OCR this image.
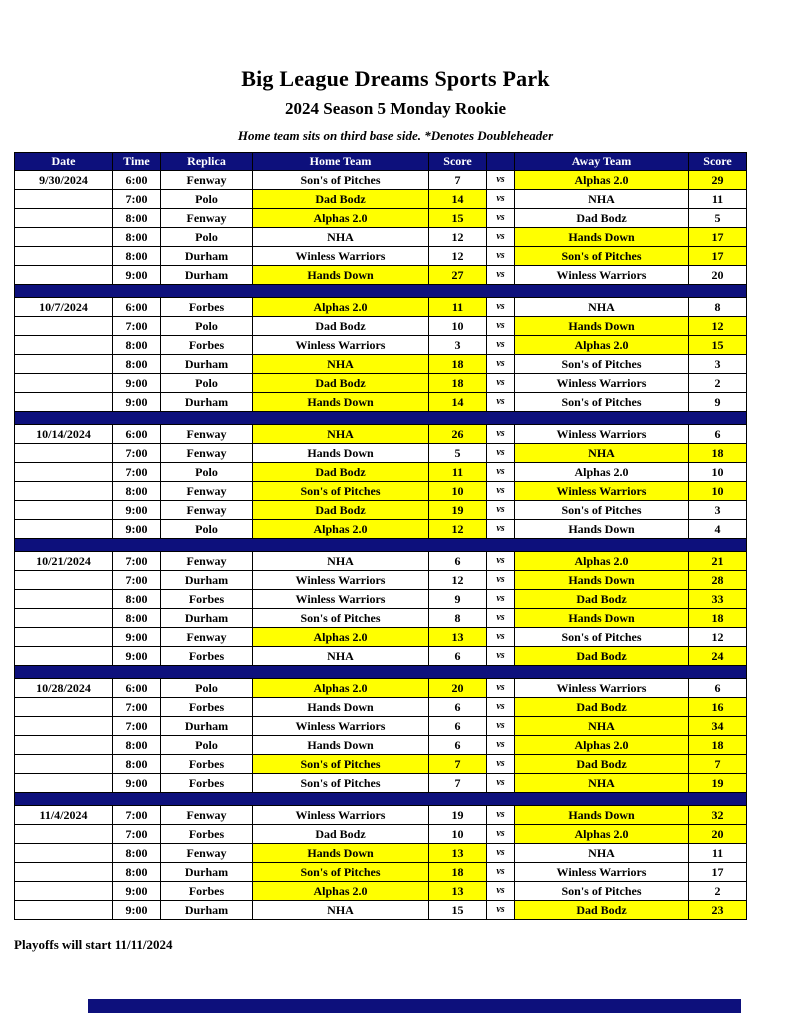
Big League Dreams Sports Park
2024 Season 5 Monday Rookie
Home team sits on third base side. *Denotes Doubleheader
Date	Time	Replica	Home Team	Score		Away Team	Score
9/30/2024	6:00	Fenway	Son's of Pitches	7	vs	Alphas 2.0	29
	7:00	Polo	Dad Bodz	14	vs	NHA	11
	8:00	Fenway	Alphas 2.0	15	vs	Dad Bodz	5
	8:00	Polo	NHA	12	vs	Hands Down	17
	8:00	Durham	Winless Warriors	12	vs	Son's of Pitches	17
	9:00	Durham	Hands Down	27	vs	Winless Warriors	20

10/7/2024	6:00	Forbes	Alphas 2.0	11	vs	NHA	8
	7:00	Polo	Dad Bodz	10	vs	Hands Down	12
	8:00	Forbes	Winless Warriors	3	vs	Alphas 2.0	15
	8:00	Durham	NHA	18	vs	Son's of Pitches	3
	9:00	Polo	Dad Bodz	18	vs	Winless Warriors	2
	9:00	Durham	Hands Down	14	vs	Son's of Pitches	9

10/14/2024	6:00	Fenway	NHA	26	vs	Winless Warriors	6
	7:00	Fenway	Hands Down	5	vs	NHA	18
	7:00	Polo	Dad Bodz	11	vs	Alphas 2.0	10
	8:00	Fenway	Son's of Pitches	10	vs	Winless Warriors	10
	9:00	Fenway	Dad Bodz	19	vs	Son's of Pitches	3
	9:00	Polo	Alphas 2.0	12	vs	Hands Down	4

10/21/2024	7:00	Fenway	NHA	6	vs	Alphas 2.0	21
	7:00	Durham	Winless Warriors	12	vs	Hands Down	28
	8:00	Forbes	Winless Warriors	9	vs	Dad Bodz	33
	8:00	Durham	Son's of Pitches	8	vs	Hands Down	18
	9:00	Fenway	Alphas 2.0	13	vs	Son's of Pitches	12
	9:00	Forbes	NHA	6	vs	Dad Bodz	24

10/28/2024	6:00	Polo	Alphas 2.0	20	vs	Winless Warriors	6
	7:00	Forbes	Hands Down	6	vs	Dad Bodz	16
	7:00	Durham	Winless Warriors	6	vs	NHA	34
	8:00	Polo	Hands Down	6	vs	Alphas 2.0	18
	8:00	Forbes	Son's of Pitches	7	vs	Dad Bodz	7
	9:00	Forbes	Son's of Pitches	7	vs	NHA	19

11/4/2024	7:00	Fenway	Winless Warriors	19	vs	Hands Down	32
	7:00	Forbes	Dad Bodz	10	vs	Alphas 2.0	20
	8:00	Fenway	Hands Down	13	vs	NHA	11
	8:00	Durham	Son's of Pitches	18	vs	Winless Warriors	17
	9:00	Forbes	Alphas 2.0	13	vs	Son's of Pitches	2
	9:00	Durham	NHA	15	vs	Dad Bodz	23
Playoffs will start 11/11/2024
